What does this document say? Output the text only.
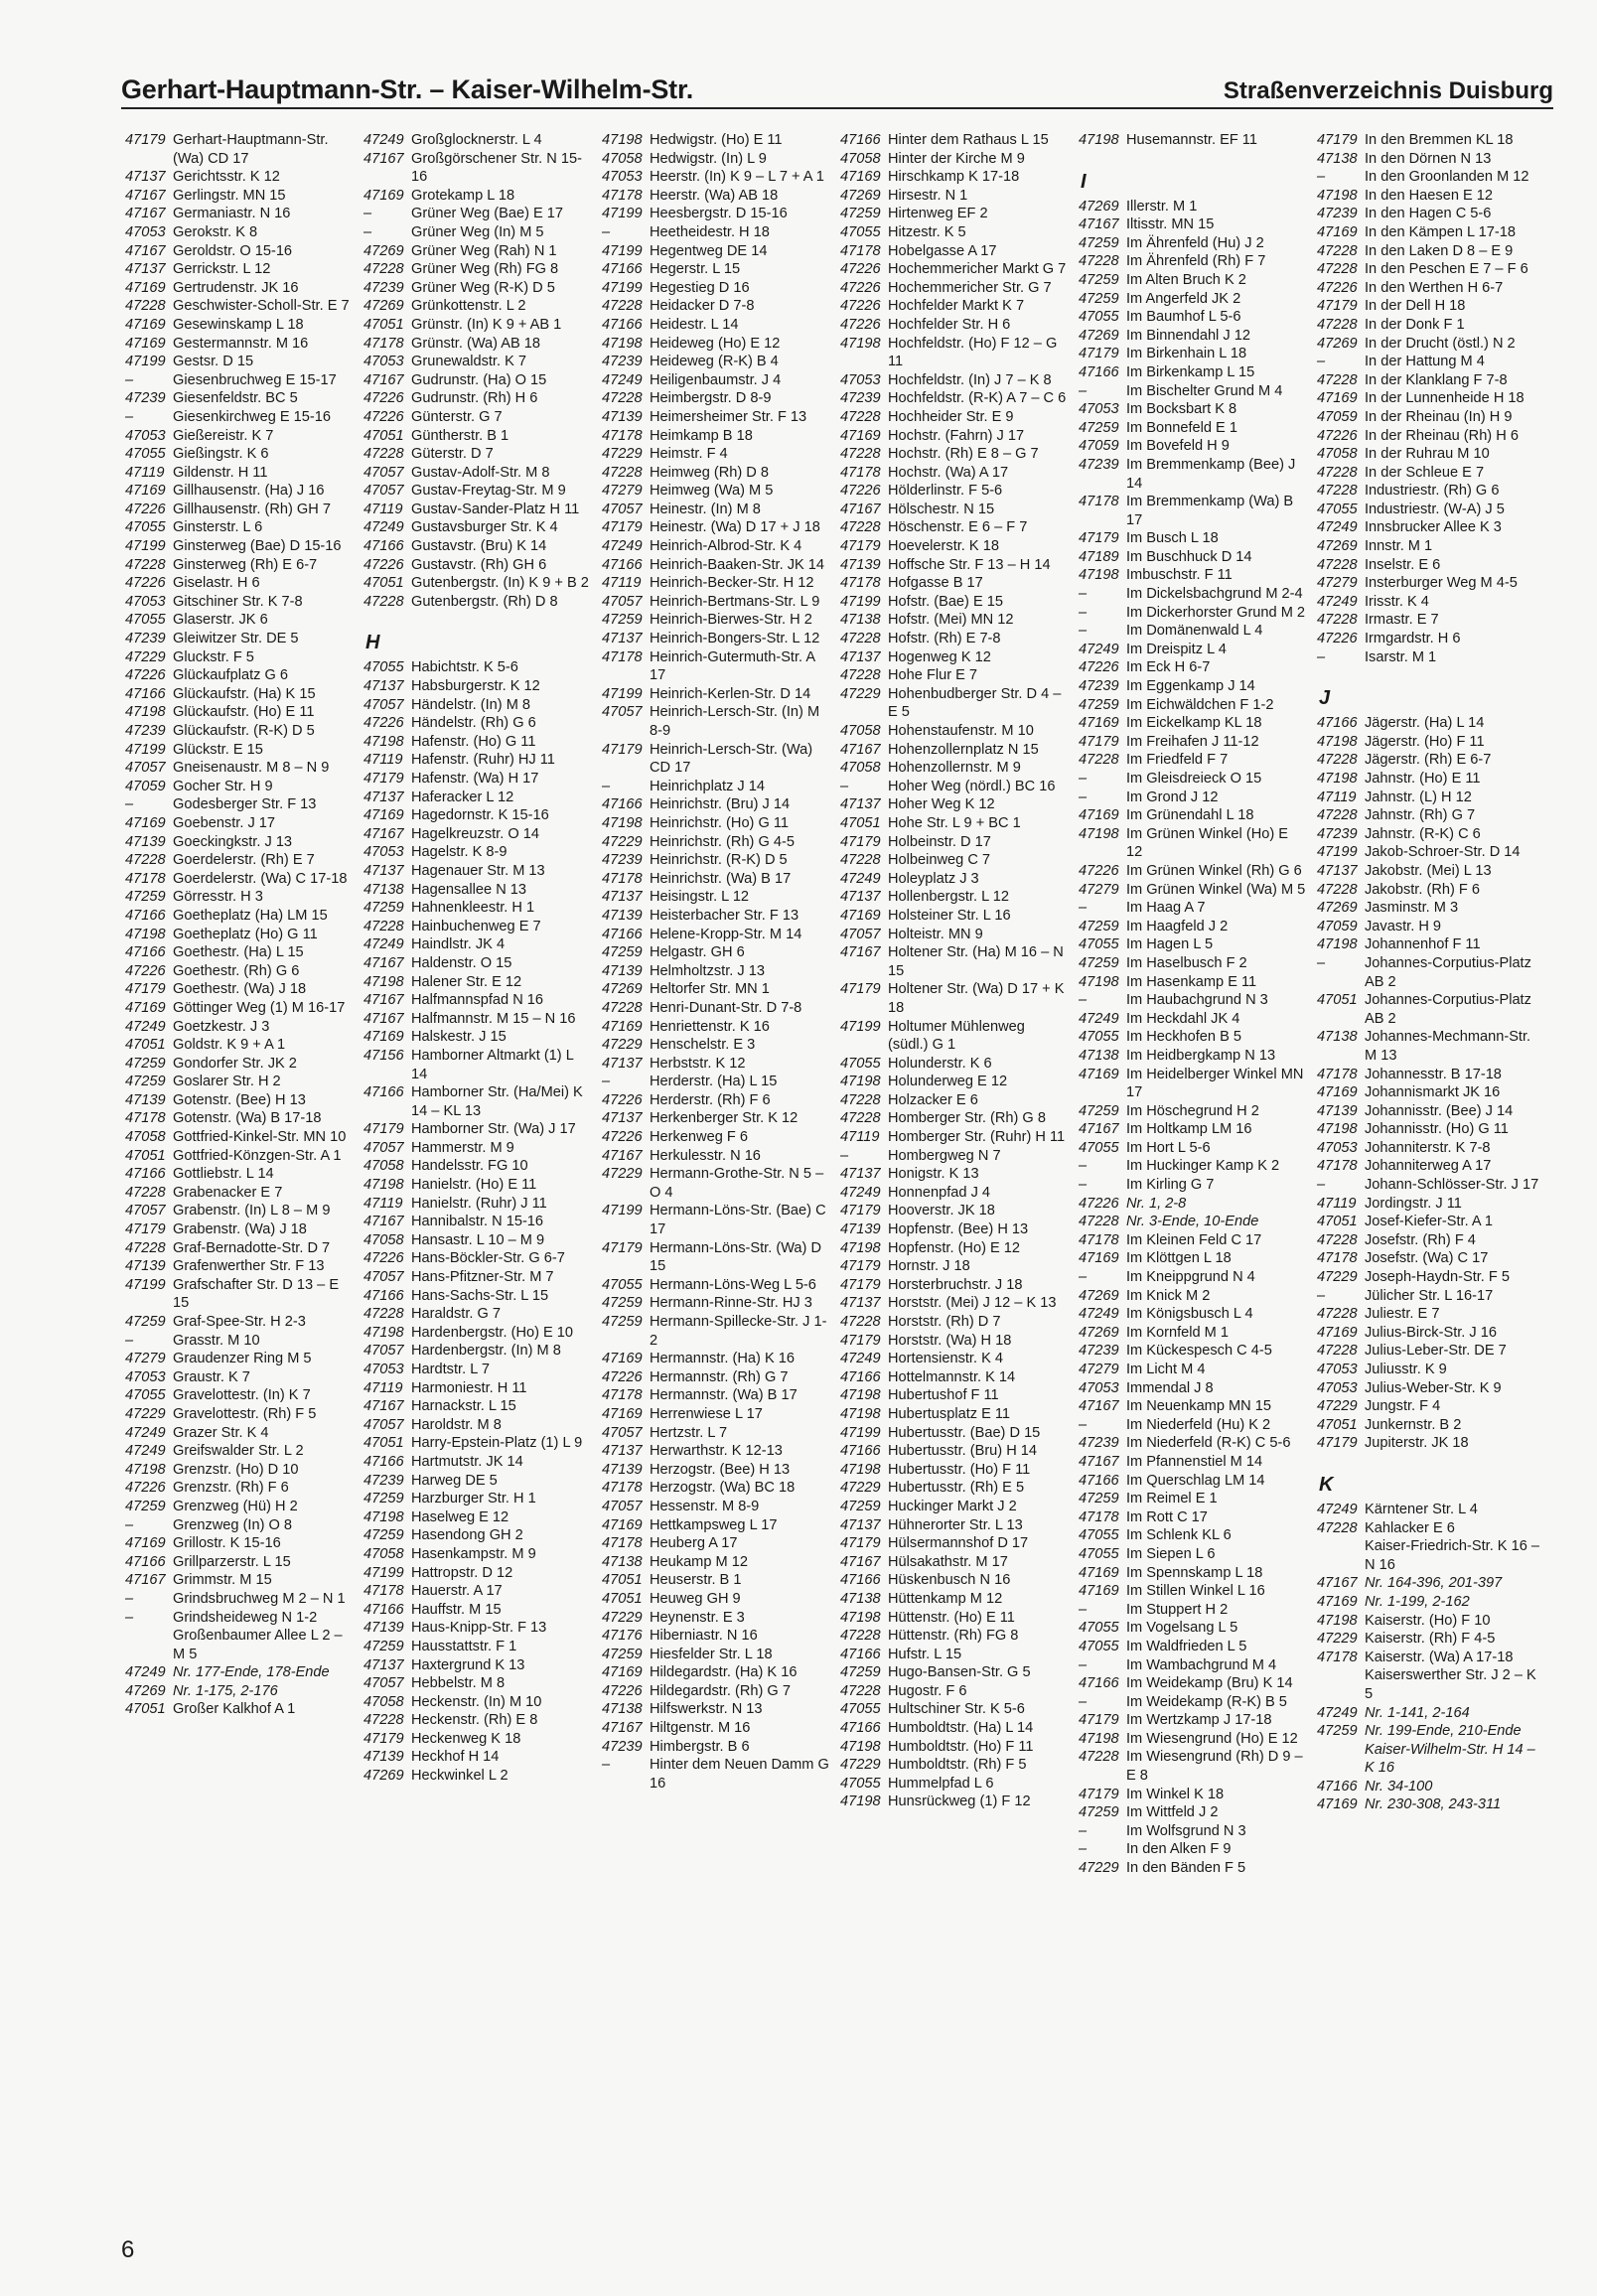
Gerhart-Hauptmann-Str. – Kaiser-Wilhelm-Str.	Straßenverzeichnis Duisburg
47179 Gerhart-Hauptmann-Str. (Wa) CD 17
47137 Gerichtsstr. K 12
47167 Gerlingstr. MN 15
47167 Germaniastr. N 16
47053 Gerokstr. K 8
47167 Geroldstr. O 15-16
47137 Gerrickstr. L 12
47169 Gertrudenstr. JK 16
47228 Geschwister-Scholl-Str. E 7
47169 Gesewinskamp L 18
47169 Gestermannstr. M 16
47199 Gestsr. D 15
–	Giesenbruchweg E 15-17
47239 Giesenfeldstr. BC 5
–	Giesenkirchweg E 15-16
47053 Gießereistr. K 7
47055 Gießingstr. K 6
47119 Gildenstr. H 11
47169 Gillhausenstr. (Ha) J 16
47226 Gillhausenstr. (Rh) GH 7
47055 Ginsterstr. L 6
47199 Ginsterweg (Bae) D 15-16
47228 Ginsterweg (Rh) E 6-7
47226 Giselastr. H 6
47053 Gitschiner Str. K 7-8
47055 Glaserstr. JK 6
47239 Gleiwitzer Str. DE 5
47229 Gluckstr. F 5
47226 Glückaufplatz G 6
47166 Glückaufstr. (Ha) K 15
47198 Glückaufstr. (Ho) E 11
47239 Glückaufstr. (R-K) D 5
47199 Glückstr. E 15
47057 Gneisenaustr. M 8 – N 9
47059 Gocher Str. H 9
–	Godesberger Str. F 13
47169 Goebenstr. J 17
47139 Goeckingkstr. J 13
47228 Goerdelerstr. (Rh) E 7
47178 Goerdelerstr. (Wa) C 17-18
47259 Görresstr. H 3
47166 Goetheplatz (Ha) LM 15
47198 Goetheplatz (Ho) G 11
47166 Goethestr. (Ha) L 15
47226 Goethestr. (Rh) G 6
47179 Goethestr. (Wa) J 18
47169 Göttinger Weg (1) M 16-17
47249 Goetzkestr. J 3
47051 Goldstr. K 9 + A 1
47259 Gondorfer Str. JK 2
47259 Goslarer Str. H 2
47139 Gotenstr. (Bee) H 13
47178 Gotenstr. (Wa) B 17-18
47058 Gottfried-Kinkel-Str. MN 10
47051 Gottfried-Könzgen-Str. A 1
47166 Gottliebstr. L 14
47228 Grabenacker E 7
47057 Grabenstr. (In) L 8 – M 9
47179 Grabenstr. (Wa) J 18
47228 Graf-Bernadotte-Str. D 7
47139 Grafenwerther Str. F 13
47199 Grafschafter Str. D 13 – E 15
47259 Graf-Spee-Str. H 2-3
–	Grasstr. M 10
47279 Graudenzer Ring M 5
47053 Graustr. K 7
47055 Gravelottestr. (In) K 7
47229 Gravelottestr. (Rh) F 5
47249 Grazer Str. K 4
47249 Greifswalder Str. L 2
47198 Grenzstr. (Ho) D 10
47226 Grenzstr. (Rh) F 6
47259 Grenzweg (Hü) H 2
–	Grenzweg (In) O 8
47169 Grillostr. K 15-16
47166 Grillparzerstr. L 15
47167 Grimmstr. M 15
–	Grindsbruchweg M 2 – N 1
–	Grindsheideweg N 1-2
Großenbaumer Allee L 2 – M 5
47249 Nr. 177-Ende, 178-Ende
47269 Nr. 1-175, 2-176
47051 Großer Kalkhof A 1
47249 Großglocknerstr. L 4
47167 Großgörschener Str. N 15-16
47169 Grotekamp L 18
–	Grüner Weg (Bae) E 17
–	Grüner Weg (In) M 5
47269 Grüner Weg (Rah) N 1
47228 Grüner Weg (Rh) FG 8
47239 Grüner Weg (R-K) D 5
47269 Grünkottenstr. L 2
47051 Grünstr. (In) K 9 + AB 1
47178 Grünstr. (Wa) AB 18
47053 Grunewaldstr. K 7
47167 Gudrunstr. (Ha) O 15
47226 Gudrunstr. (Rh) H 6
47226 Günterstr. G 7
47051 Güntherstr. B 1
47228 Güterstr. D 7
47057 Gustav-Adolf-Str. M 8
47057 Gustav-Freytag-Str. M 9
47119 Gustav-Sander-Platz H 11
47249 Gustavsburger Str. K 4
47166 Gustavstr. (Bru) K 14
47226 Gustavstr. (Rh) GH 6
47051 Gutenbergstr. (In) K 9 + B 2
47228 Gutenbergstr. (Rh) D 8
H
47055 Habichtstr. K 5-6
47137 Habsburgerstr. K 12
47057 Händelstr. (In) M 8
47226 Händelstr. (Rh) G 6
47198 Hafenstr. (Ho) G 11
47119 Hafenstr. (Ruhr) HJ 11
47179 Hafenstr. (Wa) H 17
47137 Haferacker L 12
47169 Hagedornstr. K 15-16
47167 Hagelkreuzstr. O 14
47053 Hagelstr. K 8-9
47137 Hagenauer Str. M 13
47138 Hagensallee N 13
47259 Hahnenkleestr. H 1
47228 Hainbuchenweg E 7
47249 Haindlstr. JK 4
47167 Haldenstr. O 15
47198 Halener Str. E 12
47167 Halfmannspfad N 16
47167 Halfmannstr. M 15 – N 16
47169 Halskestr. J 15
47156 Hamborner Altmarkt (1) L 14
47166 Hamborner Str. (Ha/Mei) K 14 – KL 13
47179 Hamborner Str. (Wa) J 17
47057 Hammerstr. M 9
47058 Handelsstr. FG 10
47198 Hanielstr. (Ho) E 11
47119 Hanielstr. (Ruhr) J 11
47167 Hannibalstr. N 15-16
47058 Hansastr. L 10 – M 9
47226 Hans-Böckler-Str. G 6-7
47057 Hans-Pfitzner-Str. M 7
47166 Hans-Sachs-Str. L 15
47228 Haraldstr. G 7
47198 Hardenbergstr. (Ho) E 10
47057 Hardenbergstr. (In) M 8
47053 Hardtstr. L 7
47119 Harmoniestr. H 11
47167 Harnackstr. L 15
47057 Haroldstr. M 8
47051 Harry-Epstein-Platz (1) L 9
47166 Hartmutstr. JK 14
47239 Harweg DE 5
47259 Harzburger Str. H 1
47198 Haselweg E 12
47259 Hasendong GH 2
47058 Hasenkampstr. M 9
47199 Hattropstr. D 12
47178 Hauerstr. A 17
47166 Hauffstr. M 15
47139 Haus-Knipp-Str. F 13
47259 Hausstattstr. F 1
47137 Haxtergrund K 13
47057 Hebbelstr. M 8
47058 Heckenstr. (In) M 10
47228 Heckenstr. (Rh) E 8
47179 Heckenweg K 18
47139 Heckhof H 14
47269 Heckwinkel L 2
47198 Hedwigstr. (Ho) E 11
47058 Hedwigstr. (In) L 9
47053 Heerstr. (In) K 9 – L 7 + A 1
47178 Heerstr. (Wa) AB 18
47199 Heesbergstr. D 15-16
–	Heetheidestr. H 18
47199 Hegentweg DE 14
47166 Hegerstr. L 15
47199 Hegestieg D 16
47228 Heidacker D 7-8
47166 Heidestr. L 14
47198 Heideweg (Ho) E 12
47239 Heideweg (R-K) B 4
47249 Heiligenbaumstr. J 4
47228 Heimbergstr. D 8-9
47139 Heimersheimer Str. F 13
47178 Heimkamp B 18
47229 Heimstr. F 4
47228 Heimweg (Rh) D 8
47279 Heimweg (Wa) M 5
47057 Heinestr. (In) M 8
47179 Heinestr. (Wa) D 17 + J 18
47249 Heinrich-Albrod-Str. K 4
47166 Heinrich-Baaken-Str. JK 14
47119 Heinrich-Becker-Str. H 12
47057 Heinrich-Bertmans-Str. L 9
47259 Heinrich-Bierwes-Str. H 2
47137 Heinrich-Bongers-Str. L 12
47178 Heinrich-Gutermuth-Str. A 17
47199 Heinrich-Kerlen-Str. D 14
47057 Heinrich-Lersch-Str. (In) M 8-9
47179 Heinrich-Lersch-Str. (Wa) CD 17
–	Heinrichplatz J 14
47166 Heinrichstr. (Bru) J 14
47198 Heinrichstr. (Ho) G 11
47229 Heinrichstr. (Rh) G 4-5
47239 Heinrichstr. (R-K) D 5
47178 Heinrichstr. (Wa) B 17
47137 Heisingstr. L 12
47139 Heisterbacher Str. F 13
47166 Helene-Kropp-Str. M 14
47259 Helgastr. GH 6
47139 Helmholtzstr. J 13
47269 Heltorfer Str. MN 1
47228 Henri-Dunant-Str. D 7-8
47169 Henriettenstr. K 16
47229 Henschelstr. E 3
47137 Herbststr. K 12
–	Herderstr. (Ha) L 15
47226 Herderstr. (Rh) F 6
47137 Herkenberger Str. K 12
47226 Herkenweg F 6
47167 Herkulesstr. N 16
47229 Hermann-Grothe-Str. N 5 – O 4
47199 Hermann-Löns-Str. (Bae) C 17
47179 Hermann-Löns-Str. (Wa) D 15
47055 Hermann-Löns-Weg L 5-6
47259 Hermann-Rinne-Str. HJ 3
47259 Hermann-Spillecke-Str. J 1-2
47169 Hermannstr. (Ha) K 16
47226 Hermannstr. (Rh) G 7
47178 Hermannstr. (Wa) B 17
47169 Herrenwiese L 17
47057 Hertzstr. L 7
47137 Herwarthstr. K 12-13
47139 Herzogstr. (Bee) H 13
47178 Herzogstr. (Wa) BC 18
47057 Hessenstr. M 8-9
47169 Hettkampsweg L 17
47178 Heuberg A 17
47138 Heukamp M 12
47051 Heuserstr. B 1
47051 Heuweg GH 9
47229 Heynenstr. E 3
47176 Hiberniastr. N 16
47259 Hiesfelder Str. L 18
47169 Hildegardstr. (Ha) K 16
47226 Hildegardstr. (Rh) G 7
47138 Hilfswerkstr. N 13
47167 Hiltgenstr. M 16
47239 Himbergstr. B 6
–	Hinter dem Neuen Damm G 16
47166 Hinter dem Rathaus L 15
47058 Hinter der Kirche M 9
47169 Hirschkamp K 17-18
47269 Hirsestr. N 1
47259 Hirtenweg EF 2
47055 Hitzestr. K 5
47178 Hobelgasse A 17
47226 Hochemmericher Markt G 7
47226 Hochemmericher Str. G 7
47226 Hochfelder Markt K 7
47226 Hochfelder Str. H 6
47198 Hochfeldstr. (Ho) F 12 – G 11
47053 Hochfeldstr. (In) J 7 – K 8
47239 Hochfeldstr. (R-K) A 7 – C 6
47228 Hochheider Str. E 9
47169 Hochstr. (Fahrn) J 17
47228 Hochstr. (Rh) E 8 – G 7
47178 Hochstr. (Wa) A 17
47226 Hölderlinstr. F 5-6
47167 Hölschestr. N 15
47228 Höschenstr. E 6 – F 7
47179 Hoevelerstr. K 18
47139 Hoffsche Str. F 13 – H 14
47178 Hofgasse B 17
47199 Hofstr. (Bae) E 15
47138 Hofstr. (Mei) MN 12
47228 Hofstr. (Rh) E 7-8
47137 Hogenweg K 12
47228 Hohe Flur E 7
47229 Hohenbudberger Str. D 4 – E 5
47058 Hohenstaufenstr. M 10
47167 Hohenzollernplatz N 15
47058 Hohenzollernstr. M 9
–	Hoher Weg (nördl.) BC 16
47137 Hoher Weg K 12
47051 Hohe Str. L 9 + BC 1
47179 Holbeinstr. D 17
47228 Holbeinweg C 7
47249 Holeyplatz J 3
47137 Hollenbergstr. L 12
47169 Holsteiner Str. L 16
47057 Holteistr. MN 9
47167 Holtener Str. (Ha) M 16 – N 15
47179 Holtener Str. (Wa) D 17 + K 18
47199 Holtumer Mühlenweg (südl.) G 1
47055 Holunderstr. K 6
47198 Holunderweg E 12
47228 Holzacker E 6
47228 Homberger Str. (Rh) G 8
47119 Homberger Str. (Ruhr) H 11
–	Hombergweg N 7
47137 Honigstr. K 13
47249 Honnenpfad J 4
47179 Hooverstr. JK 18
47139 Hopfenstr. (Bee) H 13
47198 Hopfenstr. (Ho) E 12
47179 Hornstr. J 18
47179 Horsterbruchstr. J 18
47137 Horststr. (Mei) J 12 – K 13
47228 Horststr. (Rh) D 7
47179 Horststr. (Wa) H 18
47249 Hortensienstr. K 4
47166 Hottelmannstr. K 14
47198 Hubertushof F 11
47198 Hubertusplatz E 11
47199 Hubertusstr. (Bae) D 15
47166 Hubertusstr. (Bru) H 14
47198 Hubertusstr. (Ho) F 11
47229 Hubertusstr. (Rh) E 5
47259 Huckinger Markt J 2
47137 Hühnerorter Str. L 13
47179 Hülsermannshof D 17
47167 Hülsakathstr. M 17
47166 Hüskenbusch N 16
47138 Hüttenkamp M 12
47198 Hüttenstr. (Ho) E 11
47228 Hüttenstr. (Rh) FG 8
47166 Hufstr. L 15
47259 Hugo-Bansen-Str. G 5
47228 Hugostr. F 6
47055 Hultschiner Str. K 5-6
47166 Humboldtstr. (Ha) L 14
47198 Humboldtstr. (Ho) F 11
47229 Humboldtstr. (Rh) F 5
47055 Hummelpfad L 6
47198 Hunsrückweg (1) F 12
47198 Husemannstr. EF 11
I
47269 Illerstr. M 1
47167 Iltisstr. MN 15
47259 Im Ährenfeld (Hu) J 2
47228 Im Ährenfeld (Rh) F 7
47259 Im Alten Bruch K 2
47259 Im Angerfeld JK 2
47055 Im Baumhof L 5-6
47269 Im Binnendahl J 12
47179 Im Birkenhain L 18
47166 Im Birkenkamp L 15
–	Im Bischelter Grund M 4
47053 Im Bocksbart K 8
47259 Im Bonnefeld E 1
47059 Im Bovefeld H 9
47239 Im Bremmenkamp (Bee) J 14
47178 Im Bremmenkamp (Wa) B 17
47179 Im Busch L 18
47189 Im Buschhuck D 14
47198 Imbuschstr. F 11
–	Im Dickelsbachgrund M 2-4
–	Im Dickerhorster Grund M 2
–	Im Domänenwald L 4
47249 Im Dreispitz L 4
47226 Im Eck H 6-7
47239 Im Eggenkamp J 14
47259 Im Eichwäldchen F 1-2
47169 Im Eickelkamp KL 18
47179 Im Freihafen J 11-12
47228 Im Friedfeld F 7
–	Im Gleisdreieck O 15
–	Im Grond J 12
47169 Im Grünendahl L 18
47198 Im Grünen Winkel (Ho) E 12
47226 Im Grünen Winkel (Rh) G 6
47279 Im Grünen Winkel (Wa) M 5
–	Im Haag A 7
47259 Im Haagfeld J 2
47055 Im Hagen L 5
47259 Im Haselbusch F 2
47198 Im Hasenkamp E 11
–	Im Haubachgrund N 3
47249 Im Heckdahl JK 4
47055 Im Heckhofen B 5
47138 Im Heidbergkamp N 13
47169 Im Heidelberger Winkel MN 17
47259 Im Höschegrund H 2
47167 Im Holtkamp LM 16
47055 Im Hort L 5-6
–	Im Huckinger Kamp K 2
–	Im Kirling G 7
47226 Nr. 1, 2-8
47228 Nr. 3-Ende, 10-Ende
47178 Im Kleinen Feld C 17
47169 Im Klöttgen L 18
–	Im Kneippgrund N 4
47269 Im Knick M 2
47249 Im Königsbusch L 4
47269 Im Kornfeld M 1
47239 Im Kückespesch C 4-5
47279 Im Licht M 4
47053 Immendal J 8
47167 Im Neuenkamp MN 15
–	Im Niederfeld (Hu) K 2
47239 Im Niederfeld (R-K) C 5-6
47167 Im Pfannenstiel M 14
47166 Im Querschlag LM 14
47259 Im Reimel E 1
47178 Im Rott C 17
47055 Im Schlenk KL 6
47055 Im Siepen L 6
47169 Im Spennskamp L 18
47169 Im Stillen Winkel L 16
–	Im Stuppert H 2
47055 Im Vogelsang L 5
47055 Im Waldfrieden L 5
–	Im Wambachgrund M 4
47166 Im Weidekamp (Bru) K 14
–	Im Weidekamp (R-K) B 5
47179 Im Wertzkamp J 17-18
47198 Im Wiesengrund (Ho) E 12
47228 Im Wiesengrund (Rh) D 9 – E 8
47179 Im Winkel K 18
47259 Im Wittfeld J 2
–	Im Wolfsgrund N 3
–	In den Alken F 9
47229 In den Bänden F 5
47179 In den Bremmen KL 18
47138 In den Dörnen N 13
–	In den Groonlanden M 12
47198 In den Haesen E 12
47239 In den Hagen C 5-6
47169 In den Kämpen L 17-18
47228 In den Laken D 8 – E 9
47228 In den Peschen E 7 – F 6
47226 In den Werthen H 6-7
47179 In der Dell H 18
47228 In der Donk F 1
47269 In der Drucht (östl.) N 2
–	In der Hattung M 4
47228 In der Klanklang F 7-8
47169 In der Lunnenheide H 18
47059 In der Rheinau (In) H 9
47226 In der Rheinau (Rh) H 6
47058 In der Ruhrau M 10
47228 In der Schleue E 7
47228 Industriestr. (Rh) G 6
47055 Industriestr. (W-A) J 5
47249 Innsbrucker Allee K 3
47269 Innstr. M 1
47228 Inselstr. E 6
47279 Insterburger Weg M 4-5
47249 Irisstr. K 4
47228 Irmastr. E 7
47226 Irmgardstr. H 6
–	Isarstr. M 1
J
47166 Jägerstr. (Ha) L 14
47198 Jägerstr. (Ho) F 11
47228 Jägerstr. (Rh) E 6-7
47198 Jahnstr. (Ho) E 11
47119 Jahnstr. (L) H 12
47228 Jahnstr. (Rh) G 7
47239 Jahnstr. (R-K) C 6
47199 Jakob-Schroer-Str. D 14
47137 Jakobstr. (Mei) L 13
47228 Jakobstr. (Rh) F 6
47269 Jasminstr. M 3
47059 Javastr. H 9
47198 Johannenhof F 11
–	Johannes-Corputius-Platz AB 2
47051 Johannes-Corputius-Platz AB 2
47138 Johannes-Mechmann-Str. M 13
47178 Johannesstr. B 17-18
47169 Johannismarkt JK 16
47139 Johannisstr. (Bee) J 14
47198 Johannisstr. (Ho) G 11
47053 Johanniterstr. K 7-8
47178 Johanniterweg A 17
–	Johann-Schlösser-Str. J 17
47119 Jordingstr. J 11
47051 Josef-Kiefer-Str. A 1
47228 Josefstr. (Rh) F 4
47178 Josefstr. (Wa) C 17
47229 Joseph-Haydn-Str. F 5
–	Jülicher Str. L 16-17
47228 Juliestr. E 7
47169 Julius-Birck-Str. J 16
47228 Julius-Leber-Str. DE 7
47053 Juliusstr. K 9
47053 Julius-Weber-Str. K 9
47229 Jungstr. F 4
47051 Junkernstr. B 2
47179 Jupiterstr. JK 18
K
47249 Kärntener Str. L 4
47228 Kahlacker E 6
Kaiser-Friedrich-Str. K 16 – N 16
47167 Nr. 164-396, 201-397
47169 Nr. 1-199, 2-162
47198 Kaiserstr. (Ho) F 10
47229 Kaiserstr. (Rh) F 4-5
47178 Kaiserstr. (Wa) A 17-18
Kaiserswerther Str. J 2 – K 5
47249 Nr. 1-141, 2-164
47259 Nr. 199-Ende, 210-Ende
Kaiser-Wilhelm-Str. H 14 – K 16
47166 Nr. 34-100
47169 Nr. 230-308, 243-311
6
